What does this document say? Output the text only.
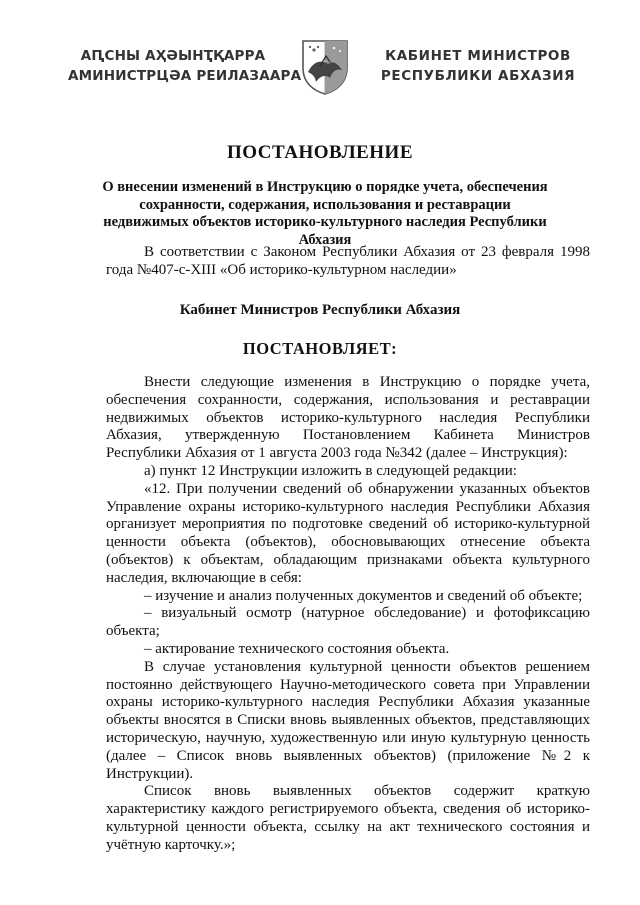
АԤСНЫ АҲӘЫНҬҚАРРА
АМИНИСТРЦӘА РЕИЛАЗААРА
КАБИНЕТ МИНИСТРОВ
РЕСПУБЛИКИ АБХАЗИЯ
ПОСТАНОВЛЕНИЕ
О внесении изменений в Инструкцию о порядке учета, обеспечения сохранности, содержания, использования и реставрации недвижимых объектов историко-культурного наследия Республики Абхазия
В соответствии с Законом Республики Абхазия от 23 февраля 1998 года №407-с-XIII «Об историко-культурном наследии»
Кабинет Министров Республики Абхазия
ПОСТАНОВЛЯЕТ:

Внести следующие изменения в Инструкцию о порядке учета, обеспечения сохранности, содержания, использования и реставрации недвижимых объектов историко-культурного наследия Республики Абхазия, утвержденную Постановлением Кабинета Министров Республики Абхазия от 1 августа 2003 года №342 (далее – Инструкция):

а) пункт 12 Инструкции изложить в следующей редакции:

«12. При получении сведений об обнаружении указанных объектов Управление охраны историко-культурного наследия Республики Абхазия организует мероприятия по подготовке сведений об историко-культурной ценности объекта (объектов), обосновывающих отнесение объекта (объектов) к объектам, обладающим признаками объекта культурного наследия, включающие в себя:

– изучение и анализ полученных документов и сведений об объекте;

– визуальный осмотр (натурное обследование) и фотофиксацию объекта;

– актирование технического состояния объекта.

В случае установления культурной ценности объектов решением постоянно действующего Научно-методического совета при Управлении охраны историко-культурного наследия Республики Абхазия указанные объекты вносятся в Списки вновь выявленных объектов, представляющих историческую, научную, художественную или иную культурную ценность (далее – Список вновь выявленных объектов) (приложение №2 к Инструкции).

Список вновь выявленных объектов содержит краткую характеристику каждого регистрируемого объекта, сведения об историко-культурной ценности объекта, ссылку на акт технического состояния и учётную карточку.»;
